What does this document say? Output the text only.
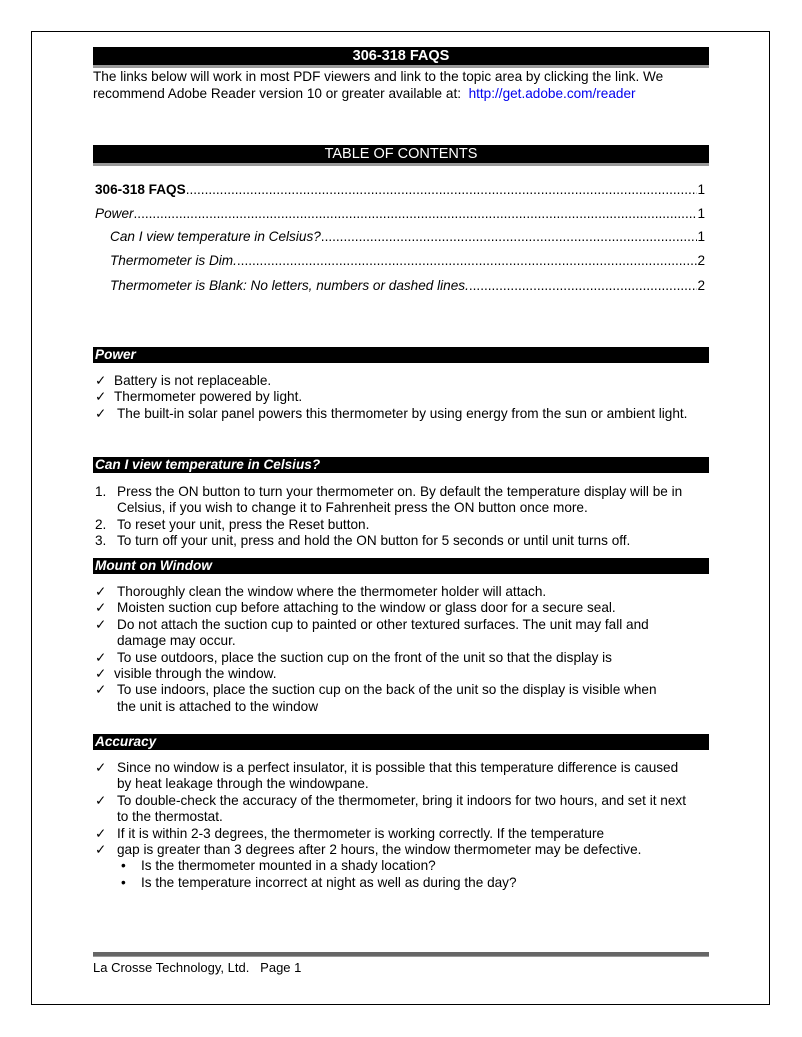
306-318 FAQS
The links below will work in most PDF viewers and link to the topic area by clicking the link. We recommend Adobe Reader version 10 or greater available at: http://get.adobe.com/reader
TABLE OF CONTENTS
306-318 FAQS .....	1
Power .....	1
Can I view temperature in Celsius? .....	1
Thermometer is Dim. .....	2
Thermometer is Blank: No letters, numbers or dashed lines. .....	2
Power
✓ Battery is not replaceable.
✓ Thermometer powered by light.
✓ The built-in solar panel powers this thermometer by using energy from the sun or ambient light.
Can I view temperature in Celsius?
1. Press the ON button to turn your thermometer on. By default the temperature display will be in Celsius, if you wish to change it to Fahrenheit press the ON button once more.
2. To reset your unit, press the Reset button.
3. To turn off your unit, press and hold the ON button for 5 seconds or until unit turns off.
Mount on Window
✓ Thoroughly clean the window where the thermometer holder will attach.
✓ Moisten suction cup before attaching to the window or glass door for a secure seal.
✓ Do not attach the suction cup to painted or other textured surfaces. The unit may fall and damage may occur.
✓ To use outdoors, place the suction cup on the front of the unit so that the display is
✓ visible through the window.
✓ To use indoors, place the suction cup on the back of the unit so the display is visible when the unit is attached to the window
Accuracy
✓ Since no window is a perfect insulator, it is possible that this temperature difference is caused by heat leakage through the windowpane.
✓ To double-check the accuracy of the thermometer, bring it indoors for two hours, and set it next to the thermostat.
✓ If it is within 2-3 degrees, the thermometer is working correctly. If the temperature
✓ gap is greater than 3 degrees after 2 hours, the window thermometer may be defective.
• Is the thermometer mounted in a shady location?
• Is the temperature incorrect at night as well as during the day?
La Crosse Technology, Ltd.   Page 1
